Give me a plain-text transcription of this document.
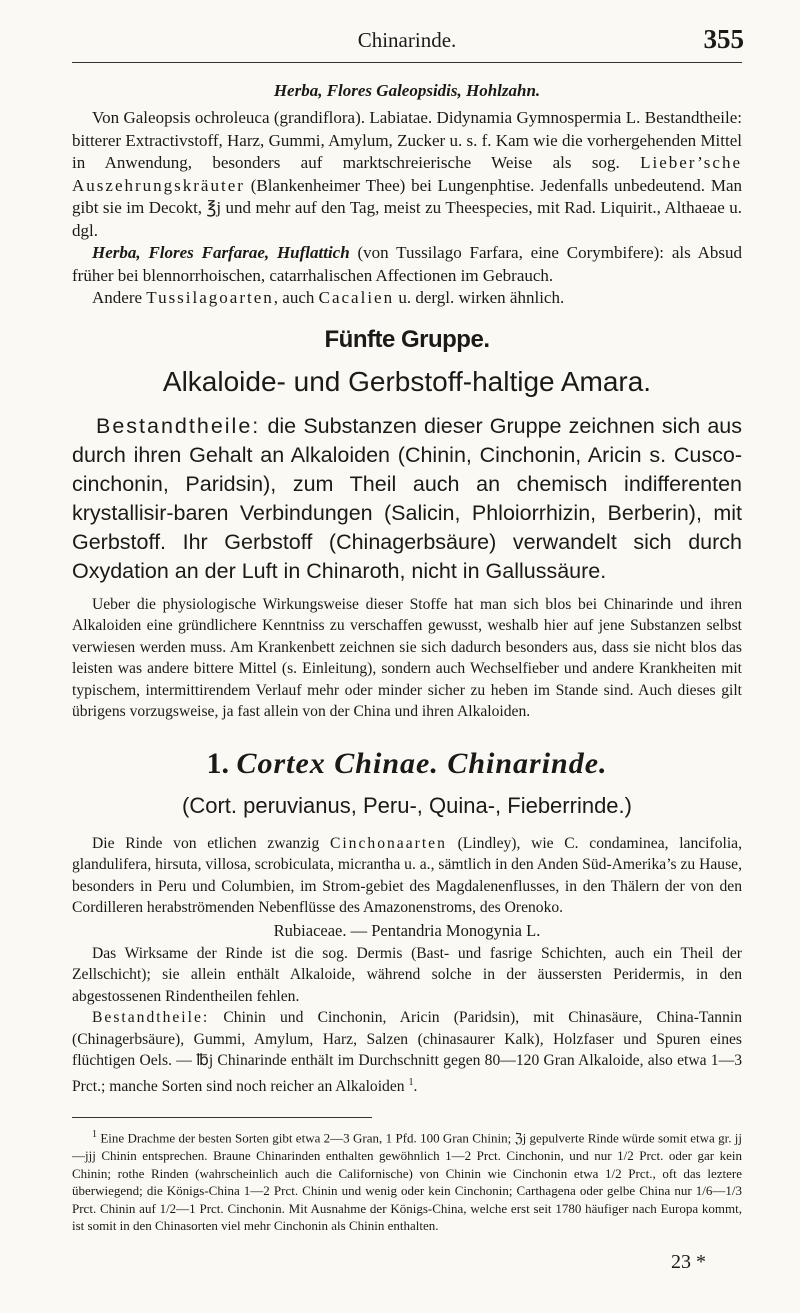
Chinarinde.	355
Herba, Flores Galeopsidis, Hohlzahn.

Von Galeopsis ochroleuca (grandiflora). Labiatae. Didynamia Gymnospermia L. Bestandtheile: bitterer Extractivstoff, Harz, Gummi, Amylum, Zucker u. s. f. Kam wie die vorhergehenden Mittel in Anwendung, besonders auf marktschreierische Weise als sog. Lieber’sche Auszehrungskräuter (Blankenheimer Thee) bei Lungenphtise. Jedenfalls unbedeutend. Man gibt sie im Decokt, ℥j und mehr auf den Tag, meist zu Theespecies, mit Rad. Liquirit., Althaeae u. dgl.

Herba, Flores Farfarae, Huflattich (von Tussilago Farfara, eine Corymbifere): als Absud früher bei blennorrhoischen, catarrhalischen Affectionen im Gebrauch.

Andere Tussilagoarten, auch Cacalien u. dergl. wirken ähnlich.

Fünfte Gruppe.
Alkaloide- und Gerbstoff-haltige Amara.

Bestandtheile: die Substanzen dieser Gruppe zeichnen sich aus durch ihren Gehalt an Alkaloiden (Chinin, Cinchonin, Aricin s. Cusco-cinchonin, Paridsin), zum Theil auch an chemisch indifferenten krystallisir-baren Verbindungen (Salicin, Phloiorrhizin, Berberin), mit Gerbstoff. Ihr Gerbstoff (Chinagerbsäure) verwandelt sich durch Oxydation an der Luft in Chinaroth, nicht in Gallussäure.

Ueber die physiologische Wirkungsweise dieser Stoffe hat man sich blos bei Chinarinde und ihren Alkaloiden eine gründlichere Kenntniss zu verschaffen gewusst, weshalb hier auf jene Substanzen selbst verwiesen werden muss. Am Krankenbett zeichnen sie sich dadurch besonders aus, dass sie nicht blos das leisten was andere bittere Mittel (s. Einleitung), sondern auch Wechselfieber und andere Krankheiten mit typischem, intermittirendem Verlauf mehr oder minder sicher zu heben im Stande sind. Auch dieses gilt übrigens vorzugsweise, ja fast allein von der China und ihren Alkaloiden.

1. Cortex Chinae. Chinarinde.
(Cort. peruvianus, Peru-, Quina-, Fieberrinde.)

Die Rinde von etlichen zwanzig Cinchonaarten (Lindley), wie C. condaminea, lancifolia, glandulifera, hirsuta, villosa, scrobiculata, micrantha u. a., sämtlich in den Anden Süd-Amerika’s zu Hause, besonders in Peru und Columbien, im Strom-gebiet des Magdalenenflusses, in den Thälern der von den Cordilleren herabströmenden Nebenflüsse des Amazonenstroms, des Orenoko.

Rubiaceae. — Pentandria Monogynia L.

Das Wirksame der Rinde ist die sog. Dermis (Bast- und fasrige Schichten, auch ein Theil der Zellschicht); sie allein enthält Alkaloide, während solche in der äussersten Peridermis, in den abgestossenen Rindentheilen fehlen.

Bestandtheile: Chinin und Cinchonin, Aricin (Paridsin), mit Chinasäure, China-Tannin (Chinagerbsäure), Gummi, Amylum, Harz, Salzen (chinasaurer Kalk), Holzfaser und Spuren eines flüchtigen Oels. — ℔j Chinarinde enthält im Durchschnitt gegen 80—120 Gran Alkaloide, also etwa 1—3 Prct.; manche Sorten sind noch reicher an Alkaloiden $^1$.

$^1$ Eine Drachme der besten Sorten gibt etwa 2—3 Gran, 1 Pfd. 100 Gran Chinin; ℨj gepulverte Rinde würde somit etwa gr. jj—jjj Chinin entsprechen. Braune Chinarinden enthalten gewöhnlich 1—2 Prct. Cinchonin, und nur 1/2 Prct. oder gar kein Chinin; rothe Rinden (wahrscheinlich auch die Californische) von Chinin wie Cinchonin etwa 1/2 Prct., oft das leztere überwiegend; die Königs-China 1—2 Prct. Chinin und wenig oder kein Cinchonin; Carthagena oder gelbe China nur 1/6—1/3 Prct. Chinin auf 1/2—1 Prct. Cinchonin. Mit Ausnahme der Königs-China, welche erst seit 1780 häufiger nach Europa kommt, ist somit in den Chinasorten viel mehr Cinchonin als Chinin enthalten.

23 *
